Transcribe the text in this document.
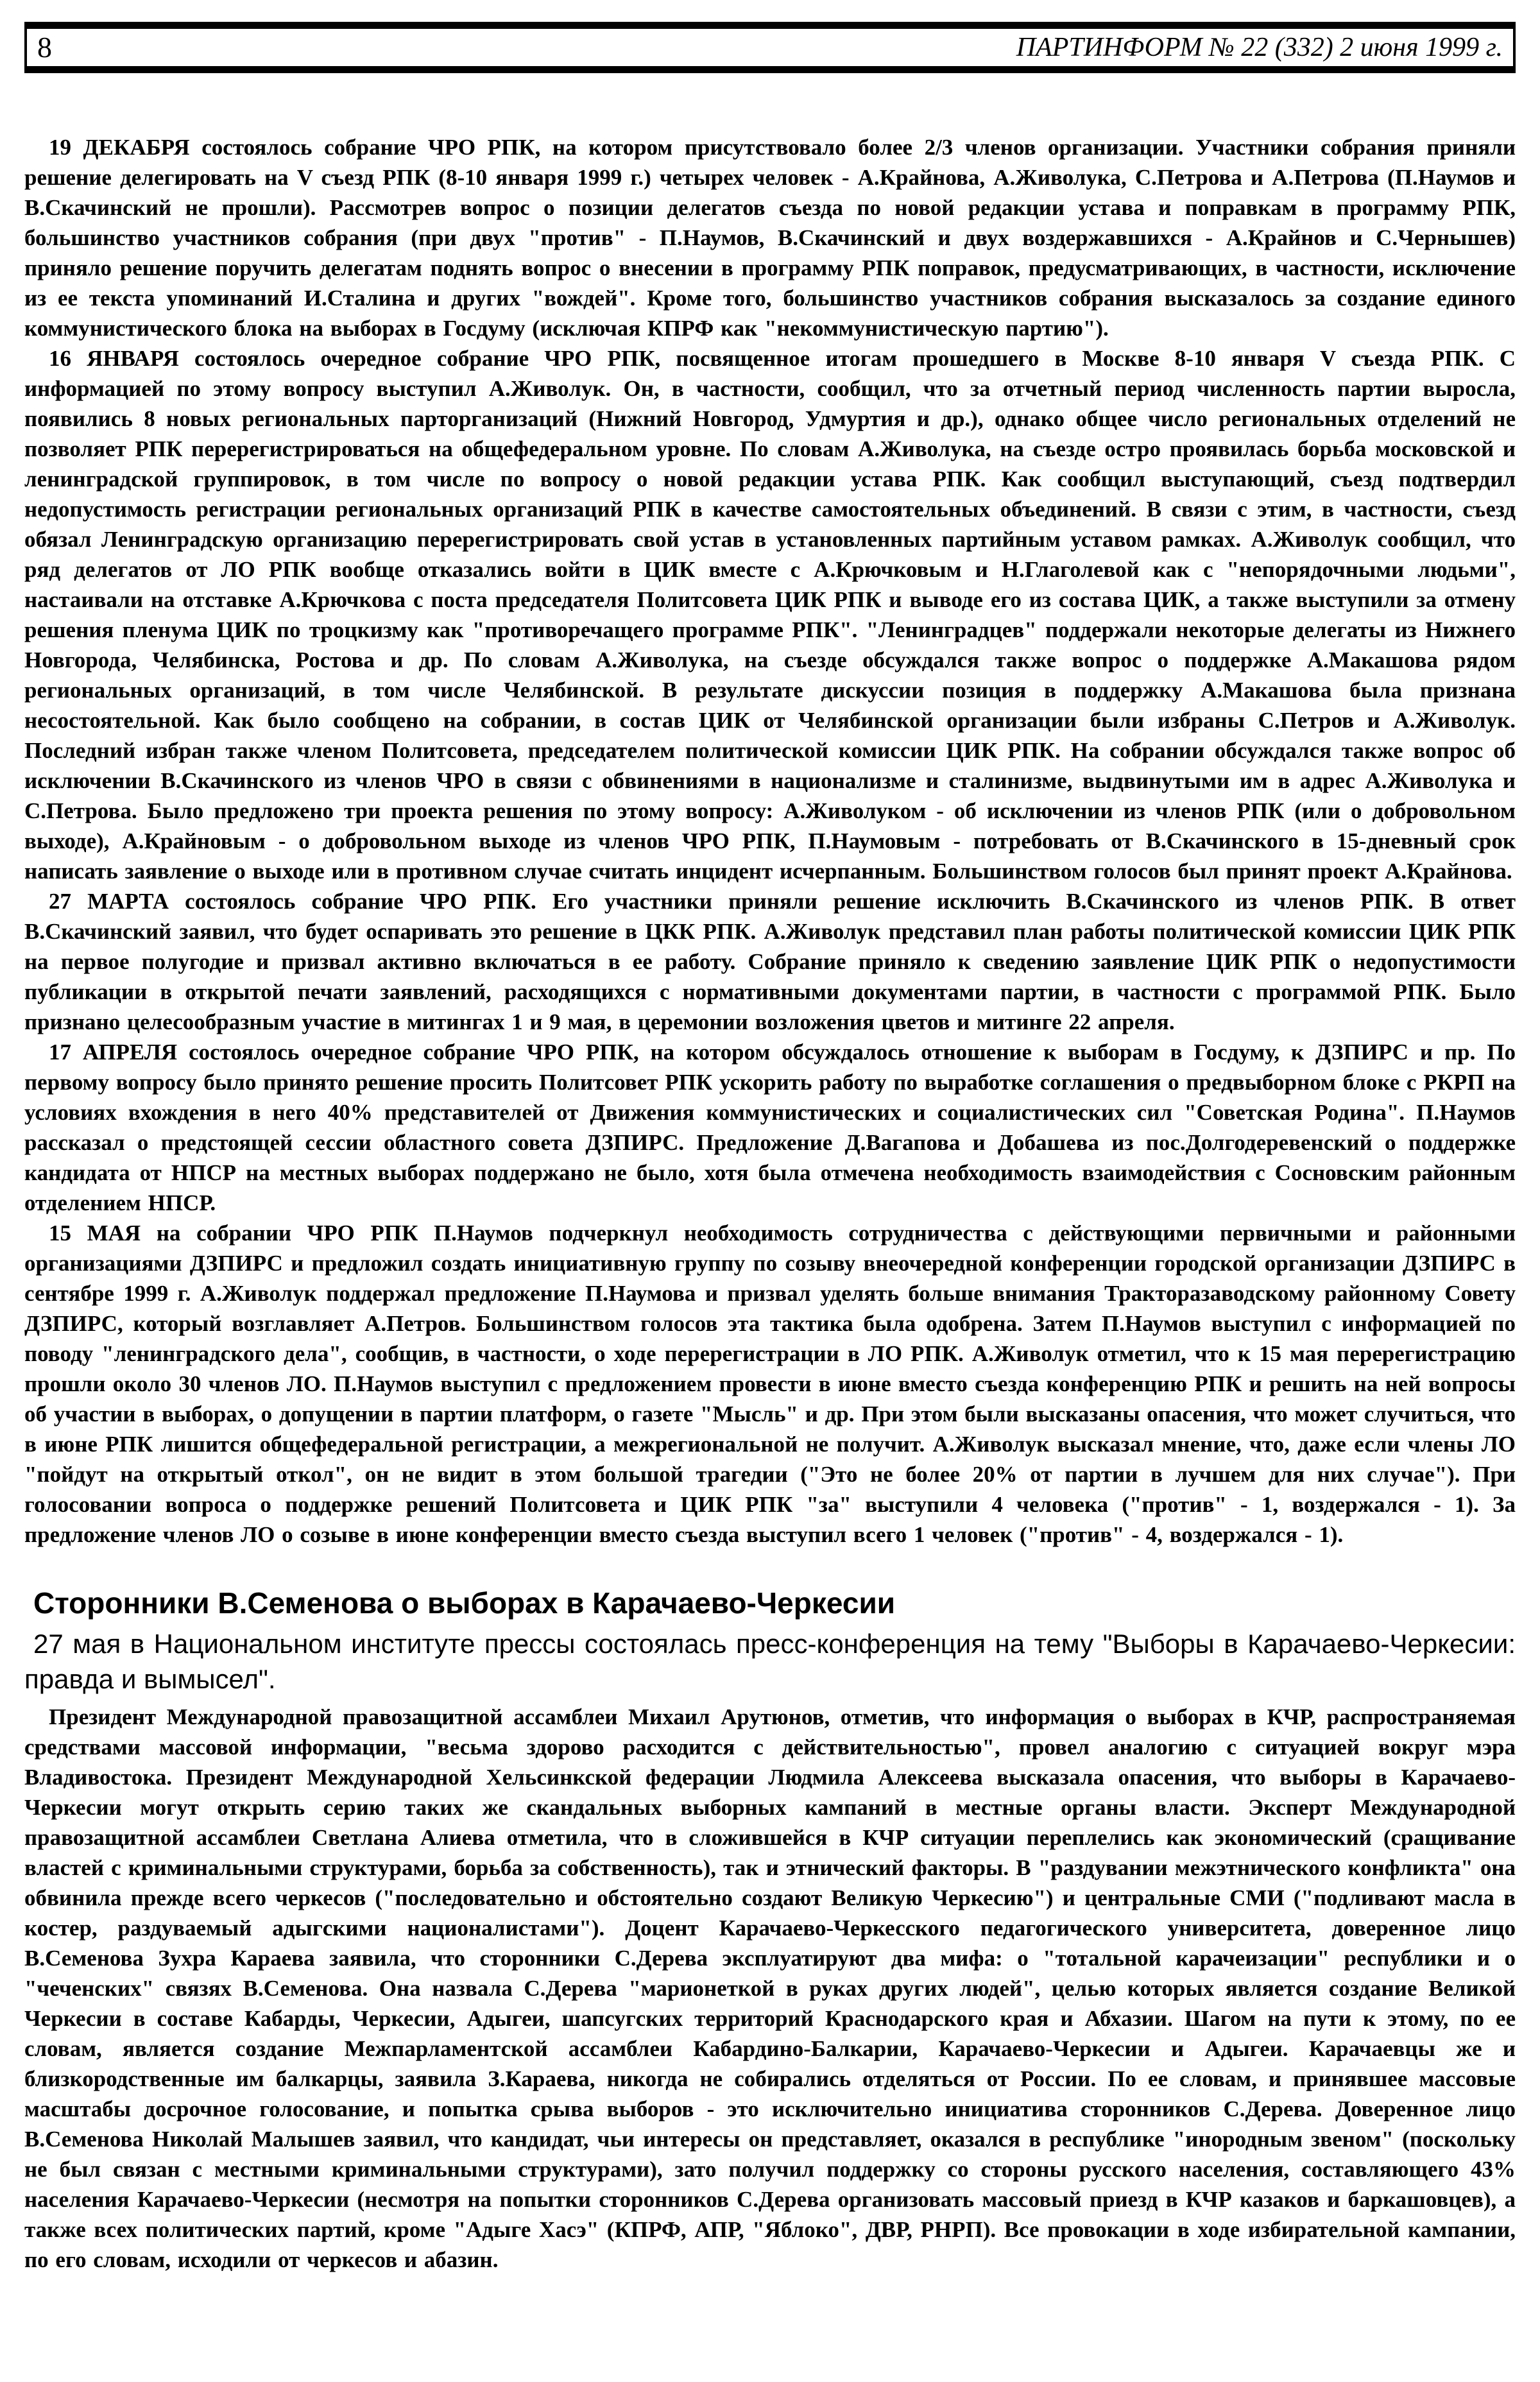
8	ПАРТИНФОРМ № 22 (332) 2 июня 1999 г.

19 ДЕКАБРЯ состоялось собрание ЧРО РПК, на котором присутствовало более 2/3 членов организации. Участники собрания приняли решение делегировать на V съезд РПК (8-10 января 1999 г.) четырех человек - А.Крайнова, А.Живолука, С.Петрова и А.Петрова (П.Наумов и В.Скачинский не прошли). Рассмотрев вопрос о позиции делегатов съезда по новой редакции устава и поправкам в программу РПК, большинство участников собрания (при двух "против" - П.Наумов, В.Скачинский и двух воздержавшихся - А.Крайнов и С.Чернышев) приняло решение поручить делегатам поднять вопрос о внесении в программу РПК поправок, предусматривающих, в частности, исключение из ее текста упоминаний И.Сталина и других "вождей". Кроме того, большинство участников собрания высказалось за создание единого коммунистического блока на выборах в Госдуму (исключая КПРФ как "некоммунистическую партию").

16 ЯНВАРЯ состоялось очередное собрание ЧРО РПК, посвященное итогам прошедшего в Москве 8-10 января V съезда РПК. С информацией по этому вопросу выступил А.Живолук. Он, в частности, сообщил, что за отчетный период численность партии выросла, появились 8 новых региональных парторганизаций (Нижний Новгород, Удмуртия и др.), однако общее число региональных отделений не позволяет РПК перерегистрироваться на общефедеральном уровне. По словам А.Живолука, на съезде остро проявилась борьба московской и ленинградской группировок, в том числе по вопросу о новой редакции устава РПК. Как сообщил выступающий, съезд подтвердил недопустимость регистрации региональных организаций РПК в качестве самостоятельных объединений. В связи с этим, в частности, съезд обязал Ленинградскую организацию перерегистрировать свой устав в установленных партийным уставом рамках. А.Живолук сообщил, что ряд делегатов от ЛО РПК вообще отказались войти в ЦИК вместе с А.Крючковым и Н.Глаголевой как с "непорядочными людьми", настаивали на отставке А.Крючкова с поста председателя Политсовета ЦИК РПК и выводе его из состава ЦИК, а также выступили за отмену решения пленума ЦИК по троцкизму как "противоречащего программе РПК". "Ленинградцев" поддержали некоторые делегаты из Нижнего Новгорода, Челябинска, Ростова и др. По словам А.Живолука, на съезде обсуждался также вопрос о поддержке А.Макашова рядом региональных организаций, в том числе Челябинской. В результате дискуссии позиция в поддержку А.Макашова была признана несостоятельной. Как было сообщено на собрании, в состав ЦИК от Челябинской организации были избраны С.Петров и А.Живолук. Последний избран также членом Политсовета, председателем политической комиссии ЦИК РПК. На собрании обсуждался также вопрос об исключении В.Скачинского из членов ЧРО в связи с обвинениями в национализме и сталинизме, выдвинутыми им в адрес А.Живолука и С.Петрова. Было предложено три проекта решения по этому вопросу: А.Живолуком - об исключении из членов РПК (или о добровольном выходе), А.Крайновым - о добровольном выходе из членов ЧРО РПК, П.Наумовым - потребовать от В.Скачинского в 15-дневный срок написать заявление о выходе или в противном случае считать инцидент исчерпанным. Большинством голосов был принят проект А.Крайнова.

27 МАРТА состоялось собрание ЧРО РПК. Его участники приняли решение исключить В.Скачинского из членов РПК. В ответ В.Скачинский заявил, что будет оспаривать это решение в ЦКК РПК. А.Живолук представил план работы политической комиссии ЦИК РПК на первое полугодие и призвал активно включаться в ее работу. Собрание приняло к сведению заявление ЦИК РПК о недопустимости публикации в открытой печати заявлений, расходящихся с нормативными документами партии, в частности с программой РПК. Было признано целесообразным участие в митингах 1 и 9 мая, в церемонии возложения цветов и митинге 22 апреля.

17 АПРЕЛЯ состоялось очередное собрание ЧРО РПК, на котором обсуждалось отношение к выборам в Госдуму, к ДЗПИРС и пр. По первому вопросу было принято решение просить Политсовет РПК ускорить работу по выработке соглашения о предвыборном блоке с РКРП на условиях вхождения в него 40% представителей от Движения коммунистических и социалистических сил "Советская Родина". П.Наумов рассказал о предстоящей сессии областного совета ДЗПИРС. Предложение Д.Вагапова и Добашева из пос.Долгодеревенский о поддержке кандидата от НПСР на местных выборах поддержано не было, хотя была отмечена необходимость взаимодействия с Сосновским районным отделением НПСР.

15 МАЯ на собрании ЧРО РПК П.Наумов подчеркнул необходимость сотрудничества с действующими первичными и районными организациями ДЗПИРС и предложил создать инициативную группу по созыву внеочередной конференции городской организации ДЗПИРС в сентябре 1999 г. А.Живолук поддержал предложение П.Наумова и призвал уделять больше внимания Тракторазаводскому районному Совету ДЗПИРС, который возглавляет А.Петров. Большинством голосов эта тактика была одобрена. Затем П.Наумов выступил с информацией по поводу "ленинградского дела", сообщив, в частности, о ходе перерегистрации в ЛО РПК. А.Живолук отметил, что к 15 мая перерегистрацию прошли около 30 членов ЛО. П.Наумов выступил с предложением провести в июне вместо съезда конференцию РПК и решить на ней вопросы об участии в выборах, о допущении в партии платформ, о газете "Мысль" и др. При этом были высказаны опасения, что может случиться, что в июне РПК лишится общефедеральной регистрации, а межрегиональной не получит. А.Живолук высказал мнение, что, даже если члены ЛО "пойдут на открытый откол", он не видит в этом большой трагедии ("Это не более 20% от партии в лучшем для них случае"). При голосовании вопроса о поддержке решений Политсовета и ЦИК РПК "за" выступили 4 человека ("против" - 1, воздержался - 1). За предложение членов ЛО о созыве в июне конференции вместо съезда выступил всего 1 человек ("против" - 4, воздержался - 1).

Сторонники В.Семенова о выборах в Карачаево-Черкесии

27 мая в Национальном институте прессы состоялась пресс-конференция на тему "Выборы в Карачаево-Черкесии: правда и вымысел".

Президент Международной правозащитной ассамблеи Михаил Арутюнов, отметив, что информация о выборах в КЧР, распространяемая средствами массовой информации, "весьма здорово расходится с действительностью", провел аналогию с ситуацией вокруг мэра Владивостока. Президент Международной Хельсинкской федерации Людмила Алексеева высказала опасения, что выборы в Карачаево-Черкесии могут открыть серию таких же скандальных выборных кампаний в местные органы власти. Эксперт Международной правозащитной ассамблеи Светлана Алиева отметила, что в сложившейся в КЧР ситуации переплелись как экономический (сращивание властей с криминальными структурами, борьба за собственность), так и этнический факторы. В "раздувании межэтнического конфликта" она обвинила прежде всего черкесов ("последовательно и обстоятельно создают Великую Черкесию") и центральные СМИ ("подливают масла в костер, раздуваемый адыгскими националистами"). Доцент Карачаево-Черкесского педагогического университета, доверенное лицо В.Семенова Зухра Караева заявила, что сторонники С.Дерева эксплуатируют два мифа: о "тотальной карачеизации" республики и о "чеченских" связях В.Семенова. Она назвала С.Дерева "марионеткой в руках других людей", целью которых является создание Великой Черкесии в составе Кабарды, Черкесии, Адыгеи, шапсугских территорий Краснодарского края и Абхазии. Шагом на пути к этому, по ее словам, является создание Межпарламентской ассамблеи Кабардино-Балкарии, Карачаево-Черкесии и Адыгеи. Карачаевцы же и близкородственные им балкарцы, заявила З.Караева, никогда не собирались отделяться от России. По ее словам, и принявшее массовые масштабы досрочное голосование, и попытка срыва выборов - это исключительно инициатива сторонников С.Дерева. Доверенное лицо В.Семенова Николай Малышев заявил, что кандидат, чьи интересы он представляет, оказался в республике "инородным звеном" (поскольку не был связан с местными криминальными структурами), зато получил поддержку со стороны русского населения, составляющего 43% населения Карачаево-Черкесии (несмотря на попытки сторонников С.Дерева организовать массовый приезд в КЧР казаков и баркашовцев), а также всех политических партий, кроме "Адыге Хасэ" (КПРФ, АПР, "Яблоко", ДВР, РНРП). Все провокации в ходе избирательной кампании, по его словам, исходили от черкесов и абазин.
